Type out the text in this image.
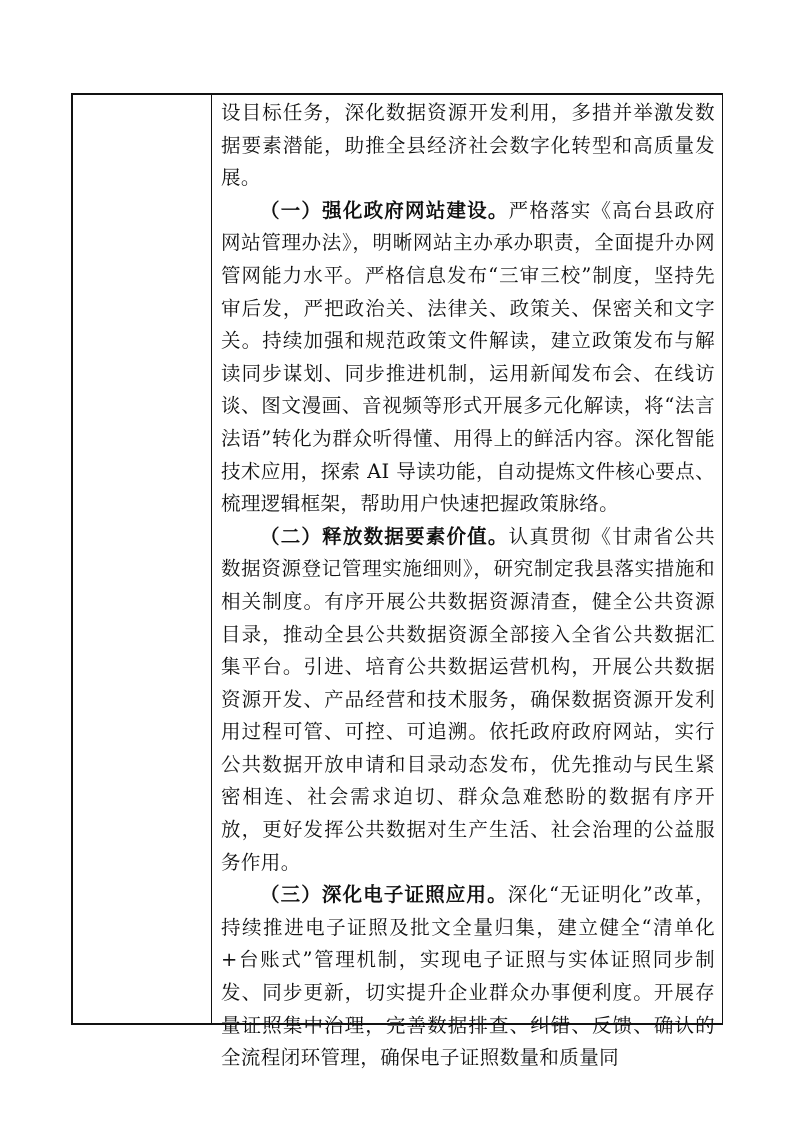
设目标任务，深化数据资源开发利用，多措并举激发数据要素潜能，助推全县经济社会数字化转型和高质量发展。

（一）强化政府网站建设。严格落实《高台县政府网站管理办法》，明晰网站主办承办职责，全面提升办网管网能力水平。严格信息发布“三审三校”制度，坚持先审后发，严把政治关、法律关、政策关、保密关和文字关。持续加强和规范政策文件解读，建立政策发布与解读同步谋划、同步推进机制，运用新闻发布会、在线访谈、图文漫画、音视频等形式开展多元化解读，将“法言法语”转化为群众听得懂、用得上的鲜活内容。深化智能技术应用，探索 AI 导读功能，自动提炼文件核心要点、梳理逻辑框架，帮助用户快速把握政策脉络。

（二）释放数据要素价值。认真贯彻《甘肃省公共数据资源登记管理实施细则》，研究制定我县落实措施和相关制度。有序开展公共数据资源清查，健全公共资源目录，推动全县公共数据资源全部接入全省公共数据汇集平台。引进、培育公共数据运营机构，开展公共数据资源开发、产品经营和技术服务，确保数据资源开发利用过程可管、可控、可追溯。依托政府政府网站，实行公共数据开放申请和目录动态发布，优先推动与民生紧密相连、社会需求迫切、群众急难愁盼的数据有序开放，更好发挥公共数据对生产生活、社会治理的公益服务作用。

（三）深化电子证照应用。深化“无证明化”改革，持续推进电子证照及批文全量归集，建立健全“清单化+台账式”管理机制，实现电子证照与实体证照同步制发、同步更新，切实提升企业群众办事便利度。开展存量证照集中治理，完善数据排查、纠错、反馈、确认的全流程闭环管理，确保电子证照数量和质量同
